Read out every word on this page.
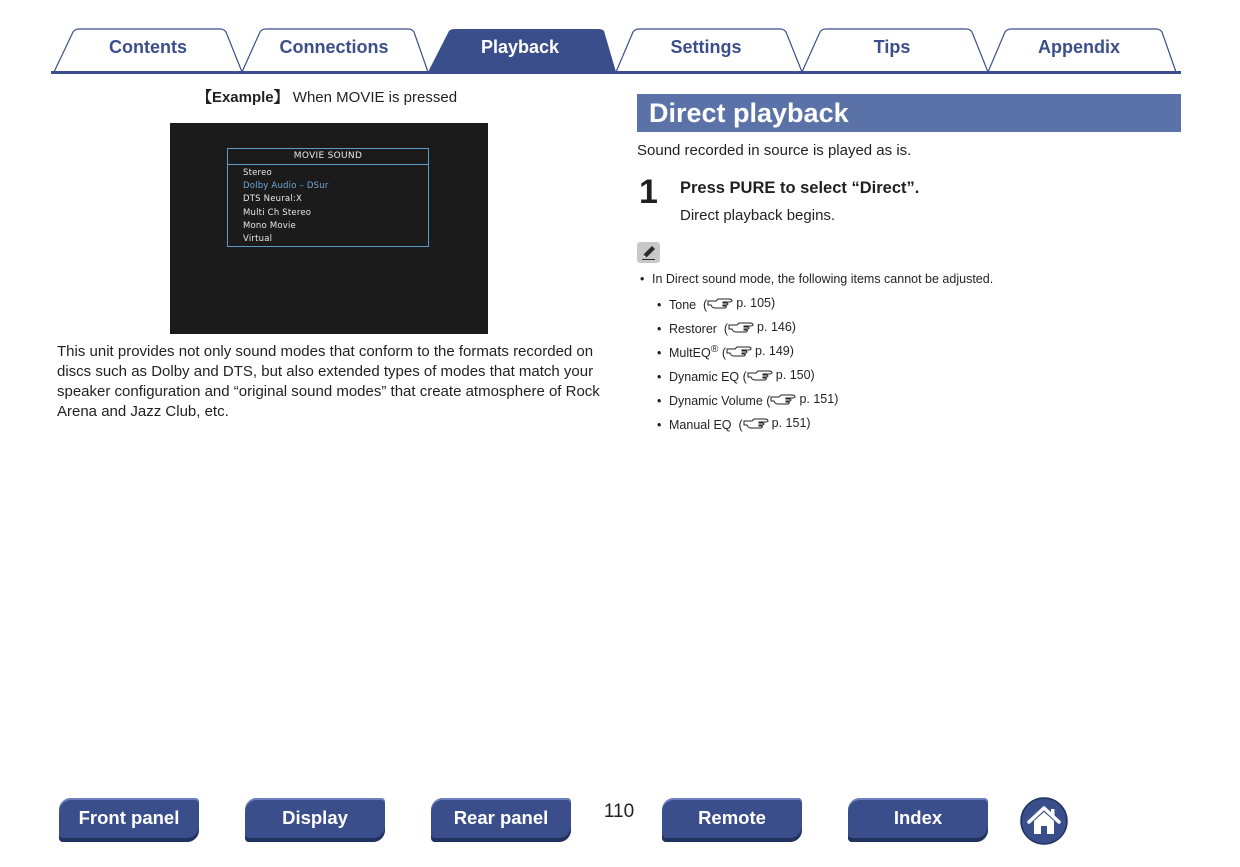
Contents	Connections	Playback	Settings	Tips	Appendix
【Example】 When MOVIE is pressed
MOVIE SOUND
Stereo
Dolby Audio – DSur
DTS Neural:X
Multi Ch Stereo
Mono Movie
Virtual
This unit provides not only sound modes that conform to the formats recorded on discs such as Dolby and DTS, but also extended types of modes that match your speaker configuration and “original sound modes” that create atmosphere of Rock Arena and Jazz Club, etc.
Direct playback
Sound recorded in source is played as is.
1 Press PURE to select “Direct”.
Direct playback begins.
• In Direct sound mode, the following items cannot be adjusted.
• Tone  ( p. 105)
• Restorer  ( p. 146)
• MultEQ® ( p. 149)
• Dynamic EQ ( p. 150)
• Dynamic Volume ( p. 151)
• Manual EQ  ( p. 151)
Front panel	Display	Rear panel	110	Remote	Index
